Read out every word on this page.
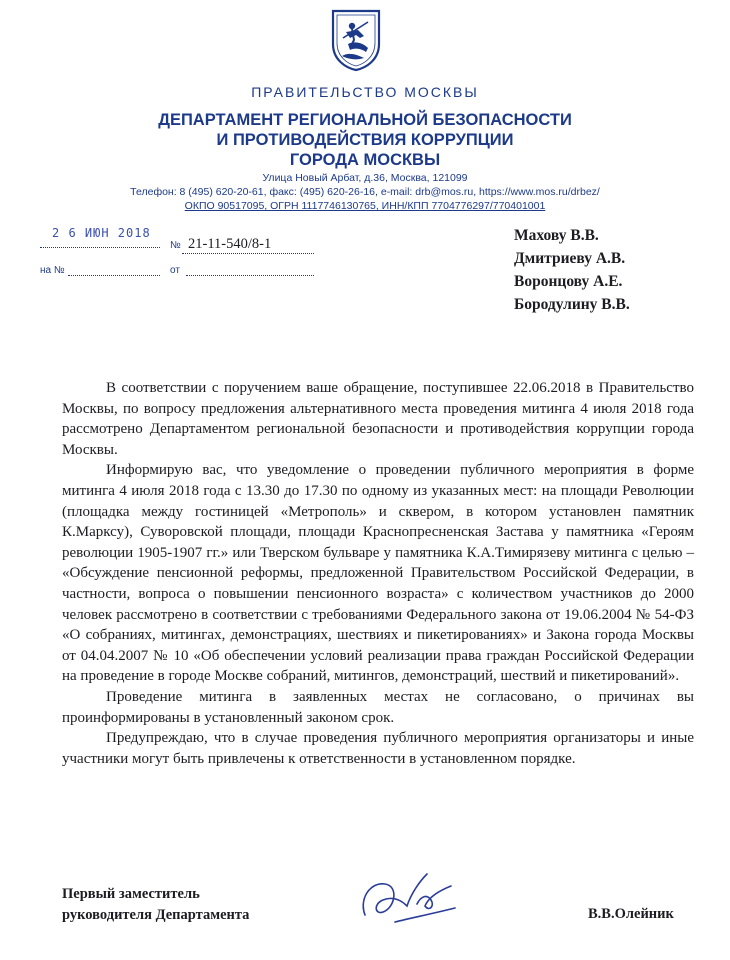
ПРАВИТЕЛЬСТВО МОСКВЫ
ДЕПАРТАМЕНТ РЕГИОНАЛЬНОЙ БЕЗОПАСНОСТИ
И ПРОТИВОДЕЙСТВИЯ КОРРУПЦИИ
ГОРОДА МОСКВЫ
Улица Новый Арбат, д.36, Москва, 121099
Телефон: 8 (495) 620-20-61, факс: (495) 620-26-16, e-mail: drb@mos.ru, https://www.mos.ru/drbez/
ОКПО 90517095, ОГРН 1117746130765, ИНН/КПП 7704776297/770401001
2 6 ИЮН 2018
№ 21-11-540/8-1
на №	от
Махову В.В.
Дмитриеву А.В.
Воронцову А.Е.
Бородулину В.В.

В соответствии с поручением ваше обращение, поступившее 22.06.2018 в Правительство Москвы, по вопросу предложения альтернативного места проведения митинга 4 июля 2018 года рассмотрено Департаментом региональной безопасности и противодействия коррупции города Москвы.

Информирую вас, что уведомление о проведении публичного мероприятия в форме митинга 4 июля 2018 года с 13.30 до 17.30 по одному из указанных мест: на площади Революции (площадка между гостиницей «Метрополь» и сквером, в котором установлен памятник К.Марксу), Суворовской площади, площади Краснопресненская Застава у памятника «Героям революции 1905-1907 гг.» или Тверском бульваре у памятника К.А.Тимирязеву митинга с целью – «Обсуждение пенсионной реформы, предложенной Правительством Российской Федерации, в частности, вопроса о повышении пенсионного возраста» с количеством участников до 2000 человек рассмотрено в соответствии с требованиями Федерального закона от 19.06.2004 № 54-ФЗ «О собраниях, митингах, демонстрациях, шествиях и пикетированиях» и Закона города Москвы от 04.04.2007 № 10 «Об обеспечении условий реализации права граждан Российской Федерации на проведение в городе Москве собраний, митингов, демонстраций, шествий и пикетирований».

Проведение митинга в заявленных местах не согласовано, о причинах вы проинформированы в установленный законом срок.

Предупреждаю, что в случае проведения публичного мероприятия организаторы и иные участники могут быть привлечены к ответственности в установленном порядке.

Первый заместитель
руководителя Департамента	В.В.Олейник
